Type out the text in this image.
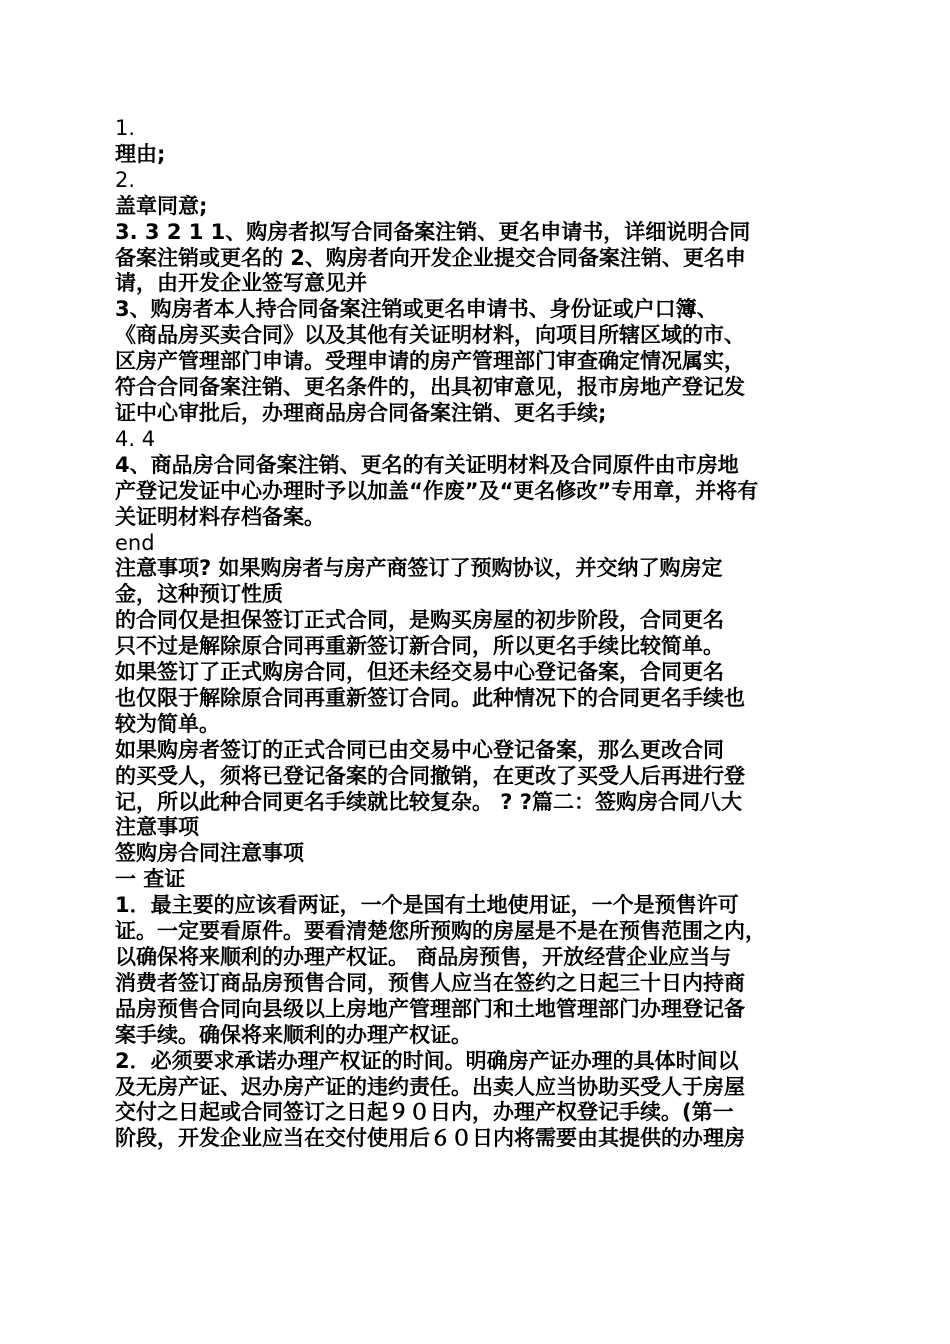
1.
理由;
2.
盖章同意;
3. 3 2 1 1、购房者拟写合同备案注销、更名申请书，详细说明合同
备案注销或更名的 2、购房者向开发企业提交合同备案注销、更名申
请，由开发企业签写意见并
3、购房者本人持合同备案注销或更名申请书、身份证或户口簿、
《商品房买卖合同》以及其他有关证明材料，向项目所辖区域的市、
区房产管理部门申请。受理申请的房产管理部门审查确定情况属实，
符合合同备案注销、更名条件的，出具初审意见，报市房地产登记发
证中心审批后，办理商品房合同备案注销、更名手续;
4. 4
4、商品房合同备案注销、更名的有关证明材料及合同原件由市房地
产登记发证中心办理时予以加盖“作废”及“更名修改”专用章，并将有
关证明材料存档备案。
end
注意事项? 如果购房者与房产商签订了预购协议，并交纳了购房定
金，这种预订性质
的合同仅是担保签订正式合同，是购买房屋的初步阶段，合同更名
只不过是解除原合同再重新签订新合同，所以更名手续比较简单。
如果签订了正式购房合同，但还未经交易中心登记备案，合同更名
也仅限于解除原合同再重新签订合同。此种情况下的合同更名手续也
较为简单。
如果购房者签订的正式合同已由交易中心登记备案，那么更改合同
的买受人，须将已登记备案的合同撤销，在更改了买受人后再进行登
记，所以此种合同更名手续就比较复杂。 ? ?篇二：签购房合同八大
注意事项
签购房合同注意事项
一 查证
1．最主要的应该看两证，一个是国有土地使用证，一个是预售许可
证。一定要看原件。要看清楚您所预购的房屋是不是在预售范围之内，
以确保将来顺利的办理产权证。 商品房预售，开放经营企业应当与
消费者签订商品房预售合同，预售人应当在签约之日起三十日内持商
品房预售合同向县级以上房地产管理部门和土地管理部门办理登记备
案手续。确保将来顺利的办理产权证。
2．必须要求承诺办理产权证的时间。明确房产证办理的具体时间以
及无房产证、迟办房产证的违约责任。出卖人应当协助买受人于房屋
交付之日起或合同签订之日起９０日内，办理产权登记手续。(第一
阶段，开发企业应当在交付使用后６０日内将需要由其提供的办理房
